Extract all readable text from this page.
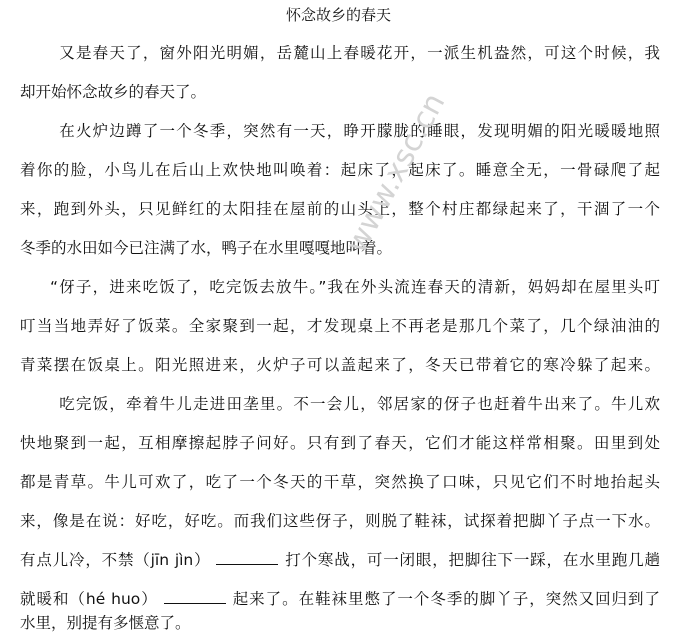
怀念故乡的春天
又是春天了，窗外阳光明媚，岳麓山上春暖花开，一派生机盎然，可这个时候，我
却开始怀念故乡的春天了。
在火炉边蹲了一个冬季，突然有一天，睁开朦胧的睡眼，发现明媚的阳光暖暖地照
着你的脸，小鸟儿在后山上欢快地叫唤着：起床了，起床了。睡意全无，一骨碌爬了起
来，跑到外头，只见鲜红的太阳挂在屋前的山头上，整个村庄都绿起来了，干涸了一个
冬季的水田如今已注满了水，鸭子在水里嘎嘎地叫着。
“伢子，进来吃饭了，吃完饭去放牛。”我在外头流连春天的清新，妈妈却在屋里头叮
叮当当地弄好了饭菜。全家聚到一起，才发现桌上不再老是那几个菜了，几个绿油油的
青菜摆在饭桌上。阳光照进来，火炉子可以盖起来了，冬天已带着它的寒冷躲了起来。
吃完饭，牵着牛儿走进田垄里。不一会儿，邻居家的伢子也赶着牛出来了。牛儿欢
快地聚到一起，互相摩擦起脖子问好。只有到了春天，它们才能这样常相聚。田里到处
都是青草。牛儿可欢了，吃了一个冬天的干草，突然换了口味，只见它们不时地抬起头
来，像是在说：好吃，好吃。而我们这些伢子，则脱了鞋袜，试探着把脚丫子点一下水。
有点儿冷，不禁（jīn jìn）	打个寒战，可一闭眼，把脚往下一踩，在水里跑几趟
就暖和（hé huo）	起来了。在鞋袜里憋了一个冬季的脚丫子，突然又回归到了
水里，别提有多惬意了。
www.xsc.cn
